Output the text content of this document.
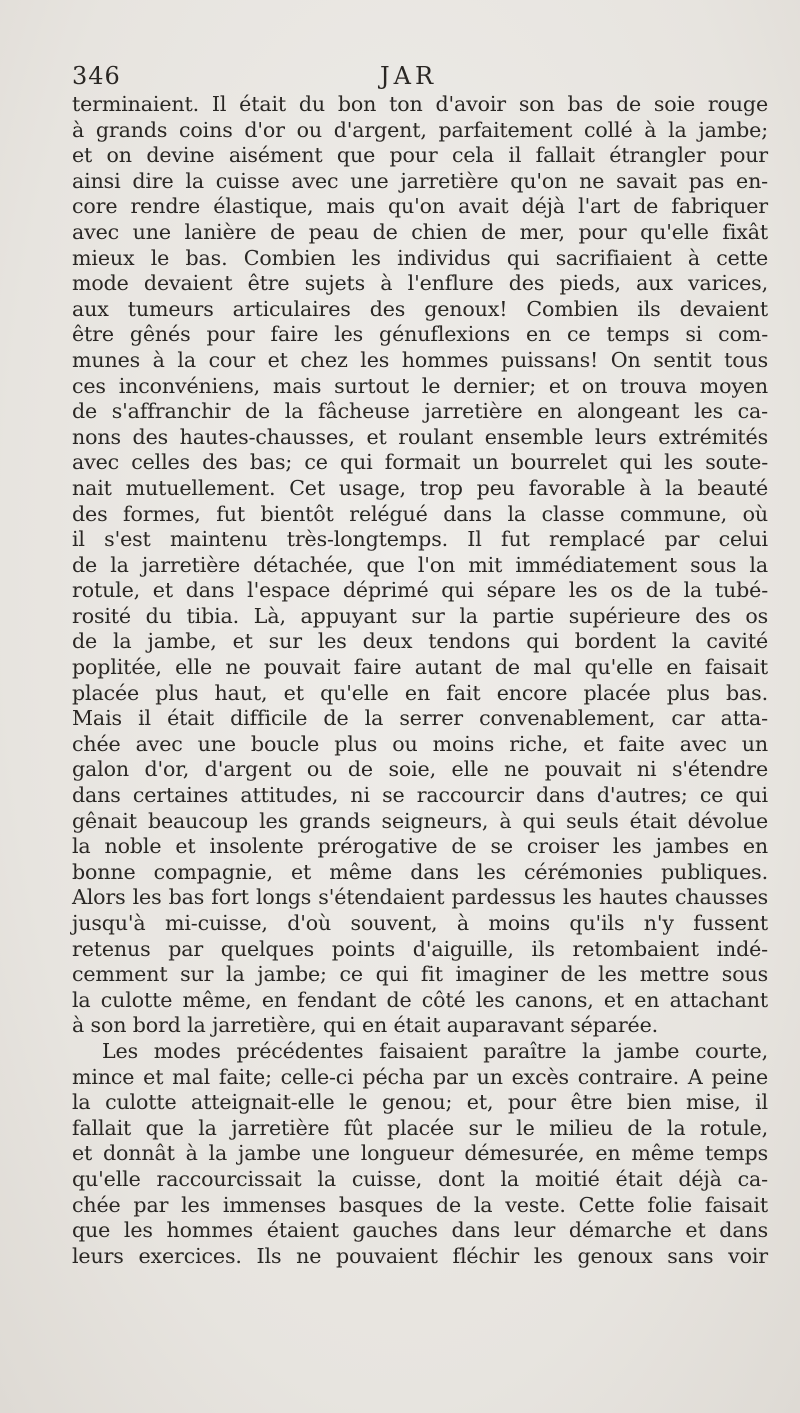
346	JAR
terminaient. Il était du bon ton d'avoir son bas de soie rouge
à grands coins d'or ou d'argent, parfaitement collé à la jambe;
et on devine aisément que pour cela il fallait étrangler pour
ainsi dire la cuisse avec une jarretière qu'on ne savait pas en-
core rendre élastique, mais qu'on avait déjà l'art de fabriquer
avec une lanière de peau de chien de mer, pour qu'elle fixât
mieux le bas. Combien les individus qui sacrifiaient à cette
mode devaient être sujets à l'enflure des pieds, aux varices,
aux tumeurs articulaires des genoux! Combien ils devaient
être gênés pour faire les génuflexions en ce temps si com-
munes à la cour et chez les hommes puissans! On sentit tous
ces inconvéniens, mais surtout le dernier; et on trouva moyen
de s'affranchir de la fâcheuse jarretière en alongeant les ca-
nons des hautes-chausses, et roulant ensemble leurs extrémités
avec celles des bas; ce qui formait un bourrelet qui les soute-
nait mutuellement. Cet usage, trop peu favorable à la beauté
des formes, fut bientôt relégué dans la classe commune, où
il s'est maintenu très-longtemps. Il fut remplacé par celui
de la jarretière détachée, que l'on mit immédiatement sous la
rotule, et dans l'espace déprimé qui sépare les os de la tubé-
rosité du tibia. Là, appuyant sur la partie supérieure des os
de la jambe, et sur les deux tendons qui bordent la cavité
poplitée, elle ne pouvait faire autant de mal qu'elle en faisait
placée plus haut, et qu'elle en fait encore placée plus bas.
Mais il était difficile de la serrer convenablement, car atta-
chée avec une boucle plus ou moins riche, et faite avec un
galon d'or, d'argent ou de soie, elle ne pouvait ni s'étendre
dans certaines attitudes, ni se raccourcir dans d'autres; ce qui
gênait beaucoup les grands seigneurs, à qui seuls était dévolue
la noble et insolente prérogative de se croiser les jambes en
bonne compagnie, et même dans les cérémonies publiques.
Alors les bas fort longs s'étendaient pardessus les hautes chausses
jusqu'à mi-cuisse, d'où souvent, à moins qu'ils n'y fussent
retenus par quelques points d'aiguille, ils retombaient indé-
cemment sur la jambe; ce qui fit imaginer de les mettre sous
la culotte même, en fendant de côté les canons, et en attachant
à son bord la jarretière, qui en était auparavant séparée.
Les modes précédentes faisaient paraître la jambe courte,
mince et mal faite; celle-ci pécha par un excès contraire. A peine
la culotte atteignait-elle le genou; et, pour être bien mise, il
fallait que la jarretière fût placée sur le milieu de la rotule,
et donnât à la jambe une longueur démesurée, en même temps
qu'elle raccourcissait la cuisse, dont la moitié était déjà ca-
chée par les immenses basques de la veste. Cette folie faisait
que les hommes étaient gauches dans leur démarche et dans
leurs exercices. Ils ne pouvaient fléchir les genoux sans voir
